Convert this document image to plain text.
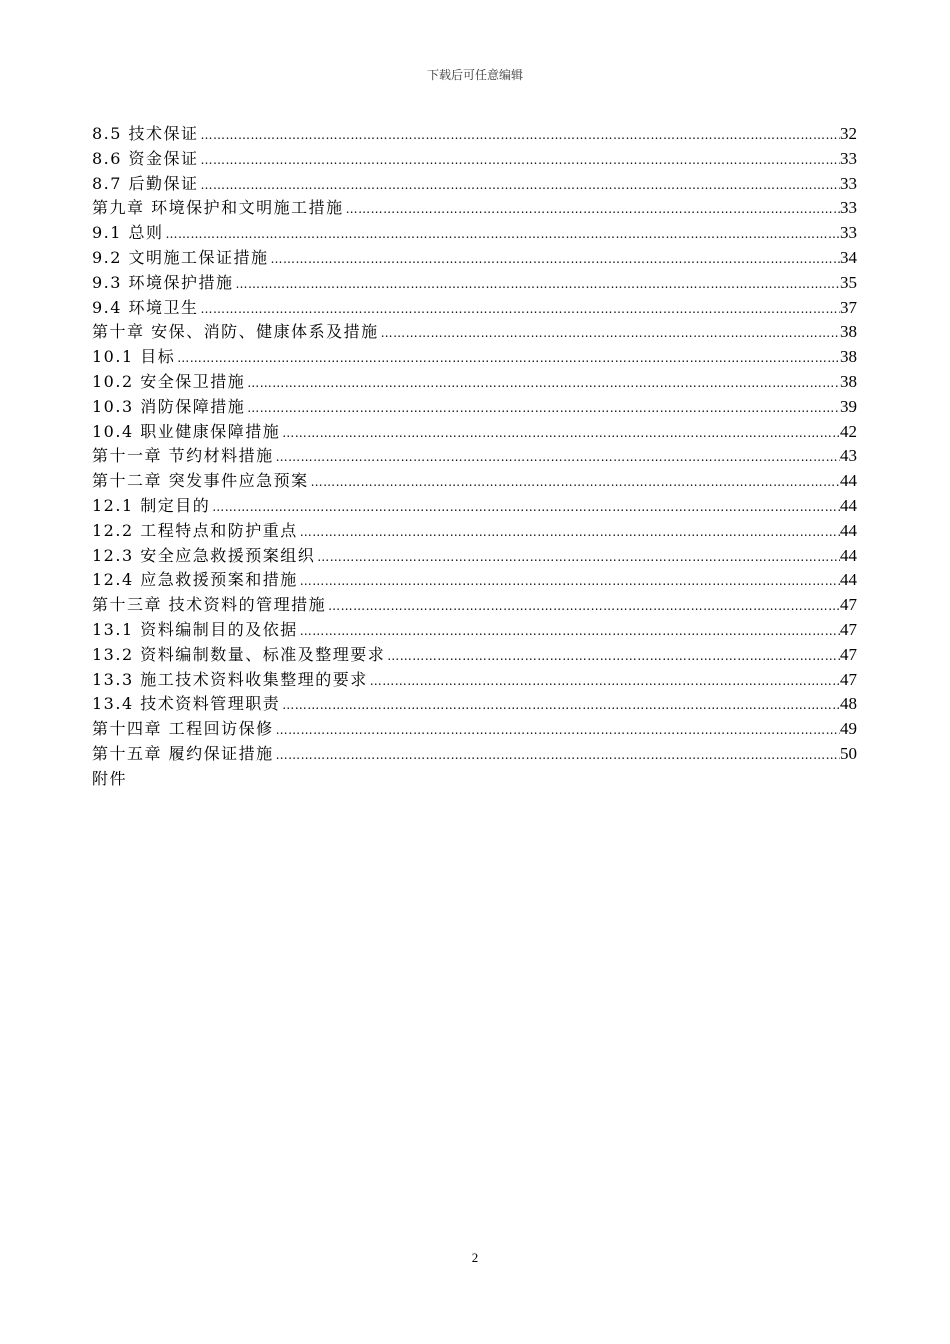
下载后可任意编辑
8.5 技术保证 …………………………………………………………………………………………………………………………………………………………………………………………………………………………	32
8.6 资金保证 …………………………………………………………………………………………………………………………………………………………………………………………………………………………	33
8.7 后勤保证 …………………………………………………………………………………………………………………………………………………………………………………………………………………………	33
第九章 环境保护和文明施工措施 …………………………………………………………………………………………………………………………………………………………………………………………………………………………	33
9.1 总则 …………………………………………………………………………………………………………………………………………………………………………………………………………………………	33
9.2 文明施工保证措施 …………………………………………………………………………………………………………………………………………………………………………………………………………………………	34
9.3 环境保护措施 …………………………………………………………………………………………………………………………………………………………………………………………………………………………	35
9.4 环境卫生 …………………………………………………………………………………………………………………………………………………………………………………………………………………………	37
第十章 安保、消防、健康体系及措施 …………………………………………………………………………………………………………………………………………………………………………………………………………………………	38
10.1 目标 …………………………………………………………………………………………………………………………………………………………………………………………………………………………	38
10.2 安全保卫措施 …………………………………………………………………………………………………………………………………………………………………………………………………………………………	38
10.3 消防保障措施 …………………………………………………………………………………………………………………………………………………………………………………………………………………………	39
10.4 职业健康保障措施 …………………………………………………………………………………………………………………………………………………………………………………………………………………………	42
第十一章 节约材料措施 …………………………………………………………………………………………………………………………………………………………………………………………………………………………	43
第十二章 突发事件应急预案 …………………………………………………………………………………………………………………………………………………………………………………………………………………………	44
12.1 制定目的 …………………………………………………………………………………………………………………………………………………………………………………………………………………………	44
12.2 工程特点和防护重点 …………………………………………………………………………………………………………………………………………………………………………………………………………………………	44
12.3 安全应急救援预案组织 …………………………………………………………………………………………………………………………………………………………………………………………………………………………	44
12.4 应急救援预案和措施 …………………………………………………………………………………………………………………………………………………………………………………………………………………………	44
第十三章 技术资料的管理措施 …………………………………………………………………………………………………………………………………………………………………………………………………………………………	47
13.1 资料编制目的及依据 …………………………………………………………………………………………………………………………………………………………………………………………………………………………	47
13.2 资料编制数量、标准及整理要求 …………………………………………………………………………………………………………………………………………………………………………………………………………………………	47
13.3 施工技术资料收集整理的要求 …………………………………………………………………………………………………………………………………………………………………………………………………………………………	47
13.4 技术资料管理职责 …………………………………………………………………………………………………………………………………………………………………………………………………………………………	48
第十四章 工程回访保修 …………………………………………………………………………………………………………………………………………………………………………………………………………………………	49
第十五章 履约保证措施 …………………………………………………………………………………………………………………………………………………………………………………………………………………………	50
附件
2
